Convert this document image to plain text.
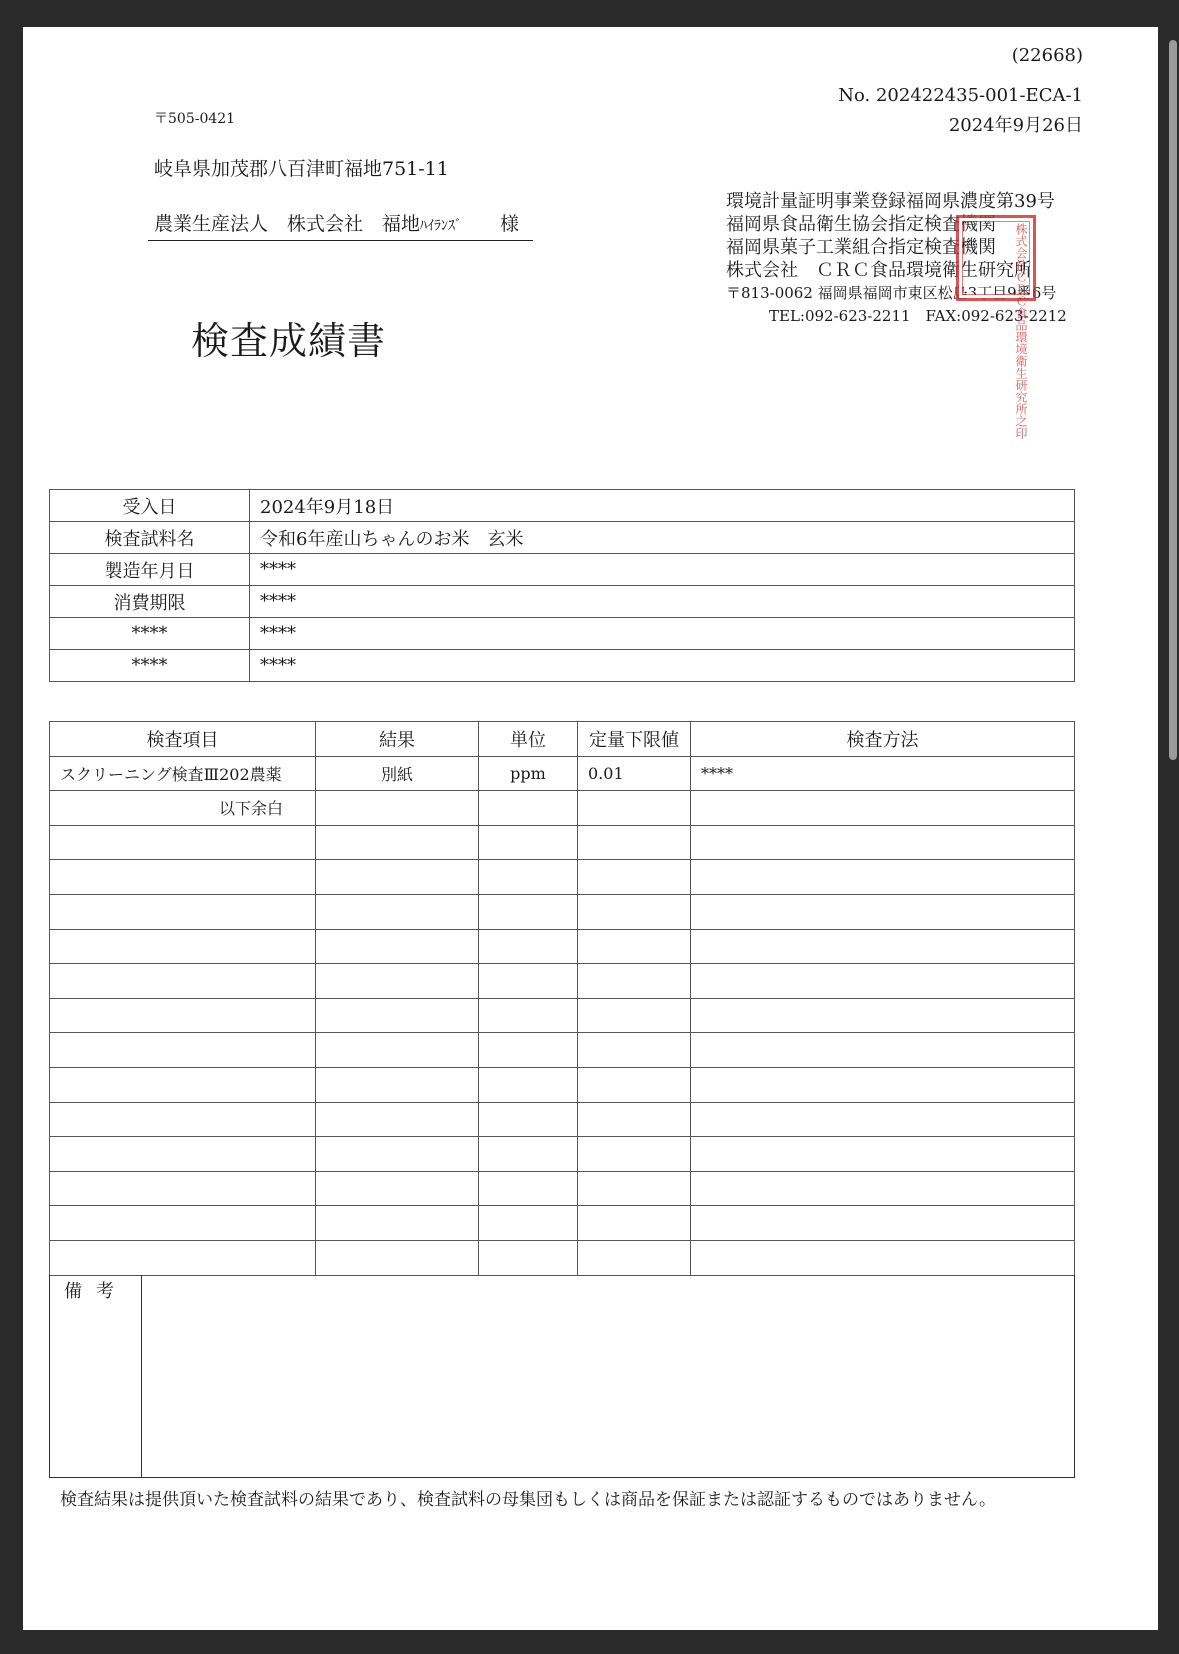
(22668)
No. 202422435-001-ECA-1
2024年9月26日
〒505-0421
岐阜県加茂郡八百津町福地751-11
農業生産法人　株式会社　福地ﾊｲﾗﾝｽﾞ　　 様
環境計量証明事業登録福岡県濃度第39号
福岡県食品衛生協会指定検査機関
福岡県菓子工業組合指定検査機関
株式会社　ＣＲＣ食品環境衛生研究所
〒813-0062 福岡県福岡市東区松島3丁目9番6号
TEL:092-623-2211　FAX:092-623-2212
株式会社ＣＲＣ食品環境衛生研究所之印
検査成績書
受入日	2024年9月18日
検査試料名	令和6年産山ちゃんのお米　玄米
製造年月日	****
消費期限	****
****	****
****	****
検査項目	結果	単位	定量下限値	検査方法
スクリーニング検査Ⅲ202農薬	別紙	ppm	0.01	****
以下余白				

備考
検査結果は提供頂いた検査試料の結果であり、検査試料の母集団もしくは商品を保証または認証するものではありません。
